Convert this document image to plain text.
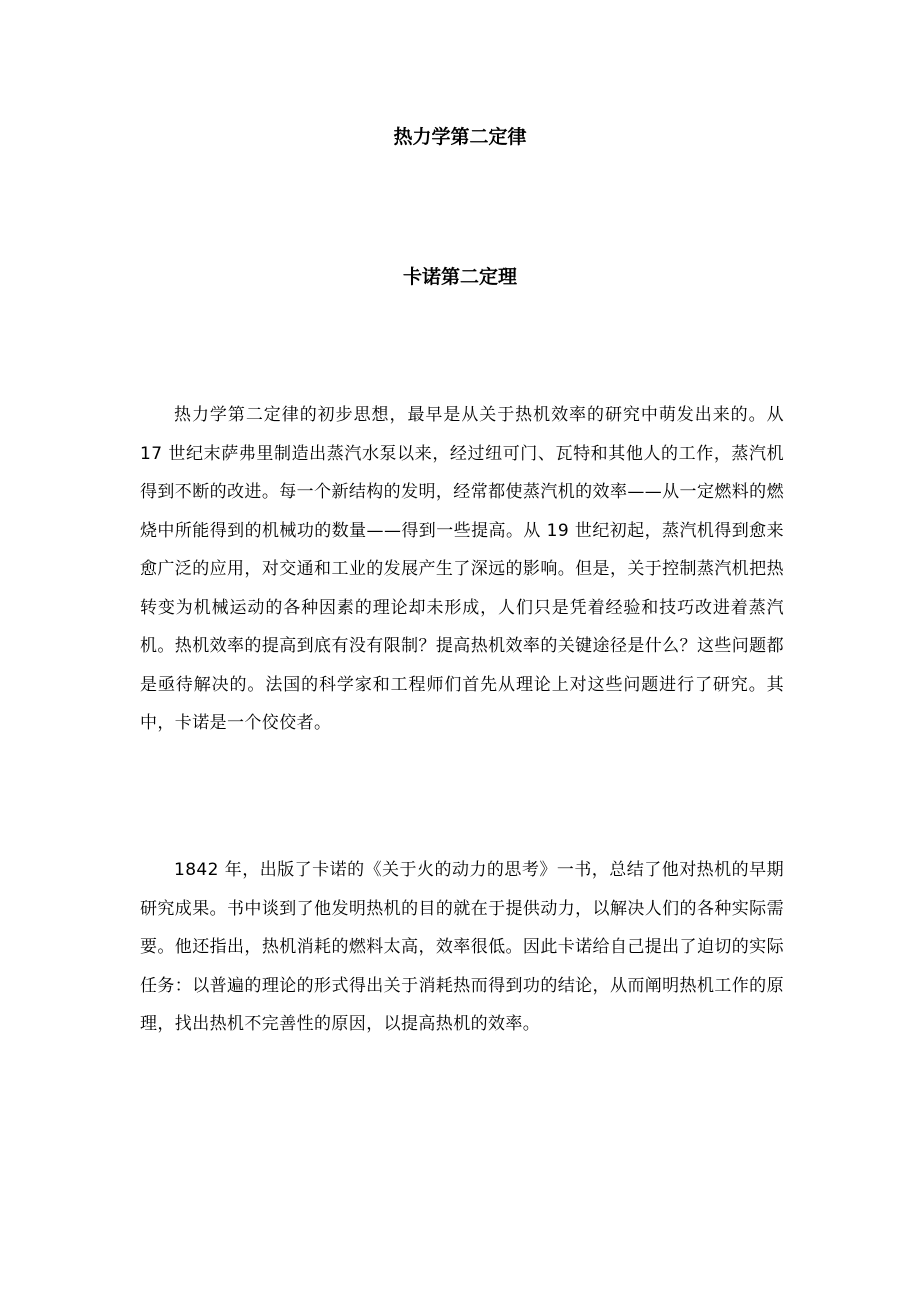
热力学第二定律
卡诺第二定理

热力学第二定律的初步思想，最早是从关于热机效率的研究中萌发出来的。从 17 世纪末萨弗里制造出蒸汽水泵以来，经过纽可门、瓦特和其他人的工作，蒸汽机得到不断的改进。每一个新结构的发明，经常都使蒸汽机的效率——从一定燃料的燃烧中所能得到的机械功的数量——得到一些提高。从 19 世纪初起，蒸汽机得到愈来愈广泛的应用，对交通和工业的发展产生了深远的影响。但是，关于控制蒸汽机把热转变为机械运动的各种因素的理论却未形成，人们只是凭着经验和技巧改进着蒸汽机。热机效率的提高到底有没有限制？提高热机效率的关键途径是什么？这些问题都是亟待解决的。法国的科学家和工程师们首先从理论上对这些问题进行了研究。其中，卡诺是一个佼佼者。

1842 年，出版了卡诺的《关于火的动力的思考》一书，总结了他对热机的早期研究成果。书中谈到了他发明热机的目的就在于提供动力，以解决人们的各种实际需要。他还指出，热机消耗的燃料太高，效率很低。因此卡诺给自己提出了迫切的实际任务：以普遍的理论的形式得出关于消耗热而得到功的结论，从而阐明热机工作的原理，找出热机不完善性的原因，以提高热机的效率。
